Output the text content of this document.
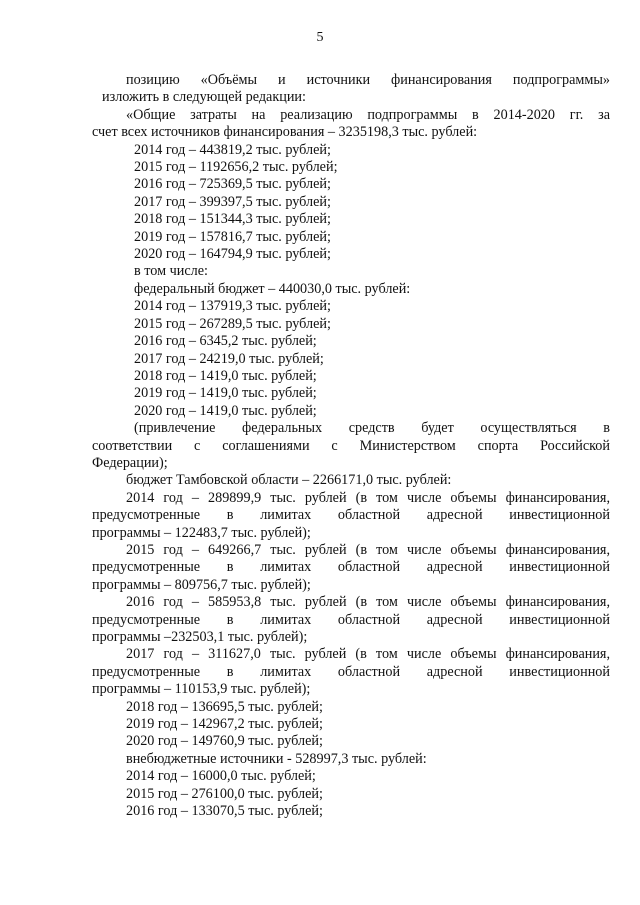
5

позицию «Объёмы и источники финансирования подпрограммы»

изложить в следующей редакции:

«Общие затраты на реализацию подпрограммы в 2014-2020 гг. за

счет всех источников финансирования – 3235198,3 тыс. рублей:

2014 год – 443819,2 тыс. рублей;

2015 год – 1192656,2 тыс. рублей;

2016 год – 725369,5 тыс. рублей;

2017 год – 399397,5 тыс. рублей;

2018 год – 151344,3 тыс. рублей;

2019 год – 157816,7 тыс. рублей;

2020 год – 164794,9 тыс. рублей;

в том числе:

федеральный бюджет – 440030,0 тыс. рублей:

2014 год – 137919,3 тыс. рублей;

2015 год – 267289,5 тыс. рублей;

2016 год – 6345,2 тыс. рублей;

2017 год – 24219,0 тыс. рублей;

2018 год – 1419,0 тыс. рублей;

2019 год – 1419,0 тыс. рублей;

2020 год – 1419,0 тыс. рублей;

(привлечение федеральных средств будет осуществляться в

соответствии с соглашениями с Министерством спорта Российской

Федерации);

бюджет Тамбовской области – 2266171,0 тыс. рублей:

2014 год – 289899,9 тыс. рублей (в том числе объемы финансирования,

предусмотренные в лимитах областной адресной инвестиционной

программы – 122483,7 тыс. рублей);

2015 год – 649266,7 тыс. рублей (в том числе объемы финансирования,

предусмотренные в лимитах областной адресной инвестиционной

программы – 809756,7 тыс. рублей);

2016 год – 585953,8 тыс. рублей (в том числе объемы финансирования,

предусмотренные в лимитах областной адресной инвестиционной

программы –232503,1 тыс. рублей);

2017 год – 311627,0 тыс. рублей (в том числе объемы финансирования,

предусмотренные в лимитах областной адресной инвестиционной

программы – 110153,9 тыс. рублей);

2018 год – 136695,5 тыс. рублей;

2019 год – 142967,2 тыс. рублей;

2020 год – 149760,9 тыс. рублей;

внебюджетные источники - 528997,3 тыс. рублей:

2014 год – 16000,0 тыс. рублей;

2015 год – 276100,0 тыс. рублей;

2016 год – 133070,5 тыс. рублей;
